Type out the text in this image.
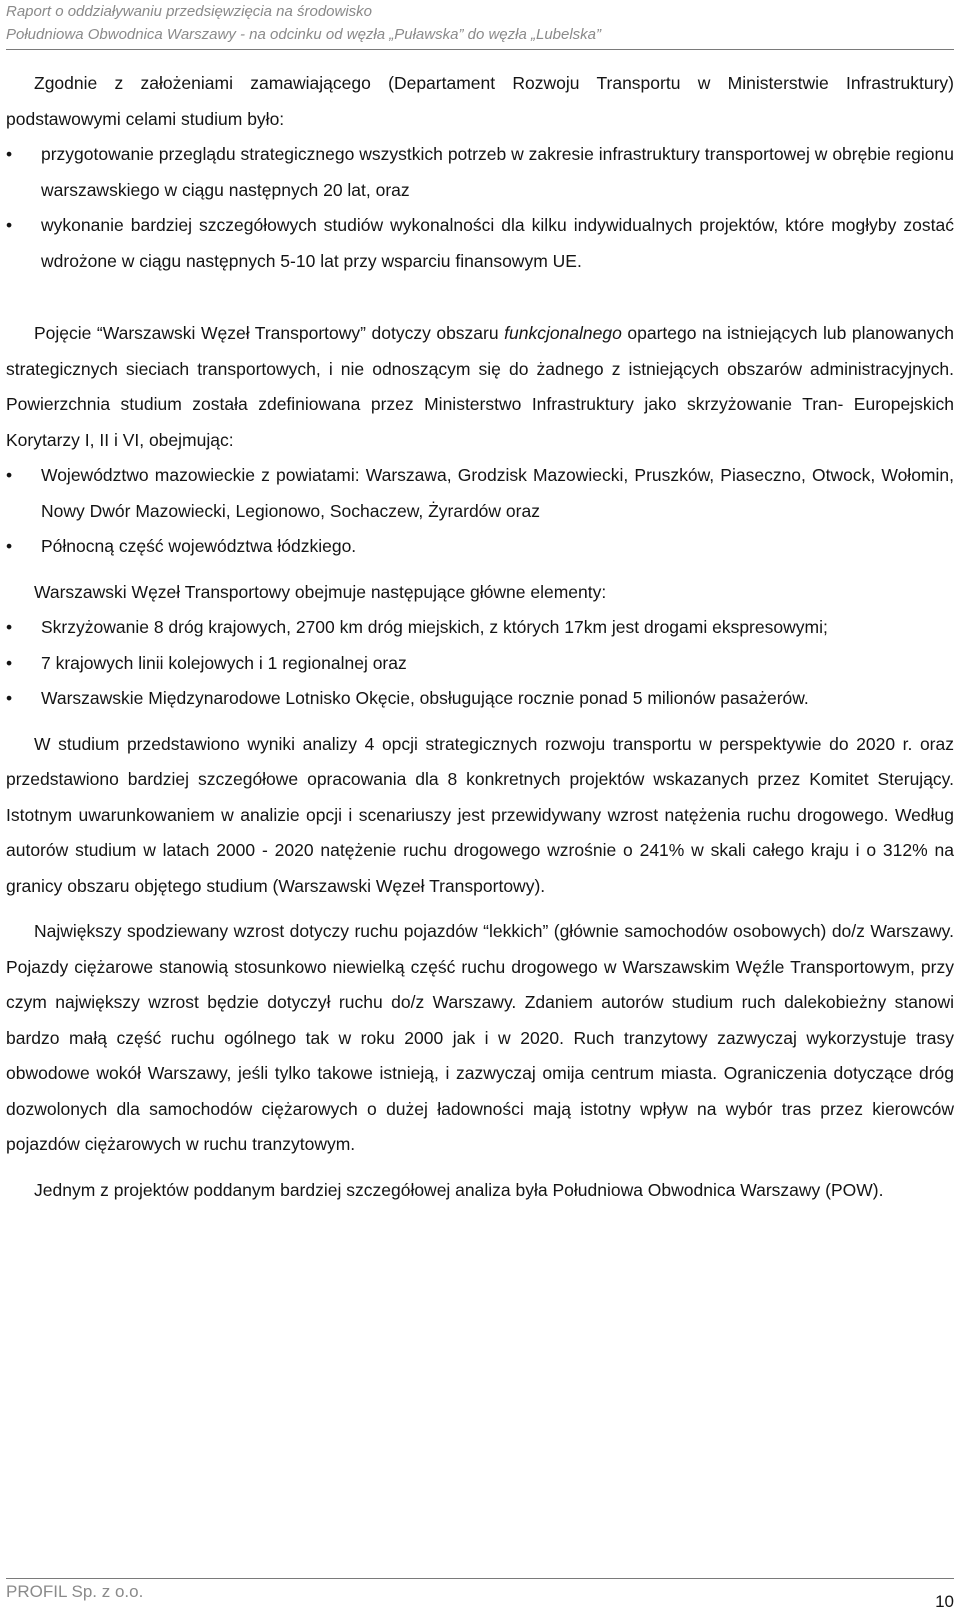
Raport o oddziaływaniu przedsięwzięcia na środowisko
Południowa Obwodnica Warszawy - na odcinku od węzła „Puławska” do węzła „Lubelska”

Zgodnie z założeniami zamawiającego (Departament Rozwoju Transportu w Ministerstwie Infrastruktury) podstawowymi celami studium było:

•	przygotowanie przeglądu strategicznego wszystkich potrzeb w zakresie infrastruktury transportowej w obrębie regionu warszawskiego w ciągu następnych 20 lat, oraz
•	wykonanie bardziej szczegółowych studiów wykonalności dla kilku indywidualnych projektów, które mogłyby zostać wdrożone w ciągu następnych 5-10 lat przy wsparciu finansowym UE.

Pojęcie “Warszawski Węzeł Transportowy” dotyczy obszaru funkcjonalnego opartego na istniejących lub planowanych strategicznych sieciach transportowych, i nie odnoszącym się do żadnego z istniejących obszarów administracyjnych. Powierzchnia studium została zdefiniowana przez Ministerstwo Infrastruktury jako skrzyżowanie Tran- Europejskich Korytarzy I, II i VI, obejmując:

•	Województwo mazowieckie z powiatami: Warszawa, Grodzisk Mazowiecki, Pruszków, Piaseczno, Otwock, Wołomin, Nowy Dwór Mazowiecki, Legionowo, Sochaczew, Żyrardów oraz
•	Północną część województwa łódzkiego.

Warszawski Węzeł Transportowy obejmuje następujące główne elementy:

•	Skrzyżowanie 8 dróg krajowych, 2700 km dróg miejskich, z których 17km jest drogami ekspresowymi;
•	7 krajowych linii kolejowych i 1 regionalnej oraz
•	Warszawskie Międzynarodowe Lotnisko Okęcie, obsługujące rocznie ponad 5 milionów pasażerów.

W studium przedstawiono wyniki analizy 4 opcji strategicznych rozwoju transportu w perspektywie do 2020 r. oraz przedstawiono bardziej szczegółowe opracowania dla 8 konkretnych projektów wskazanych przez Komitet Sterujący. Istotnym uwarunkowaniem w analizie opcji i scenariuszy jest przewidywany wzrost natężenia ruchu drogowego. Według autorów studium w latach 2000 - 2020 natężenie ruchu drogowego wzrośnie o 241% w skali całego kraju i o 312% na granicy obszaru objętego studium (Warszawski Węzeł Transportowy).

Największy spodziewany wzrost dotyczy ruchu pojazdów “lekkich” (głównie samochodów osobowych) do/z Warszawy. Pojazdy ciężarowe stanowią stosunkowo niewielką część ruchu drogowego w Warszawskim Węźle Transportowym, przy czym największy wzrost będzie dotyczył ruchu do/z Warszawy. Zdaniem autorów studium ruch dalekobieżny stanowi bardzo małą część ruchu ogólnego tak w roku 2000 jak i w 2020. Ruch tranzytowy zazwyczaj wykorzystuje trasy obwodowe wokół Warszawy, jeśli tylko takowe istnieją, i zazwyczaj omija centrum miasta. Ograniczenia dotyczące dróg dozwolonych dla samochodów ciężarowych o dużej ładowności mają istotny wpływ na wybór tras przez kierowców pojazdów ciężarowych w ruchu tranzytowym.

Jednym z projektów poddanym bardziej szczegółowej analiza była Południowa Obwodnica Warszawy (POW).

PROFIL Sp. z o.o.
10
